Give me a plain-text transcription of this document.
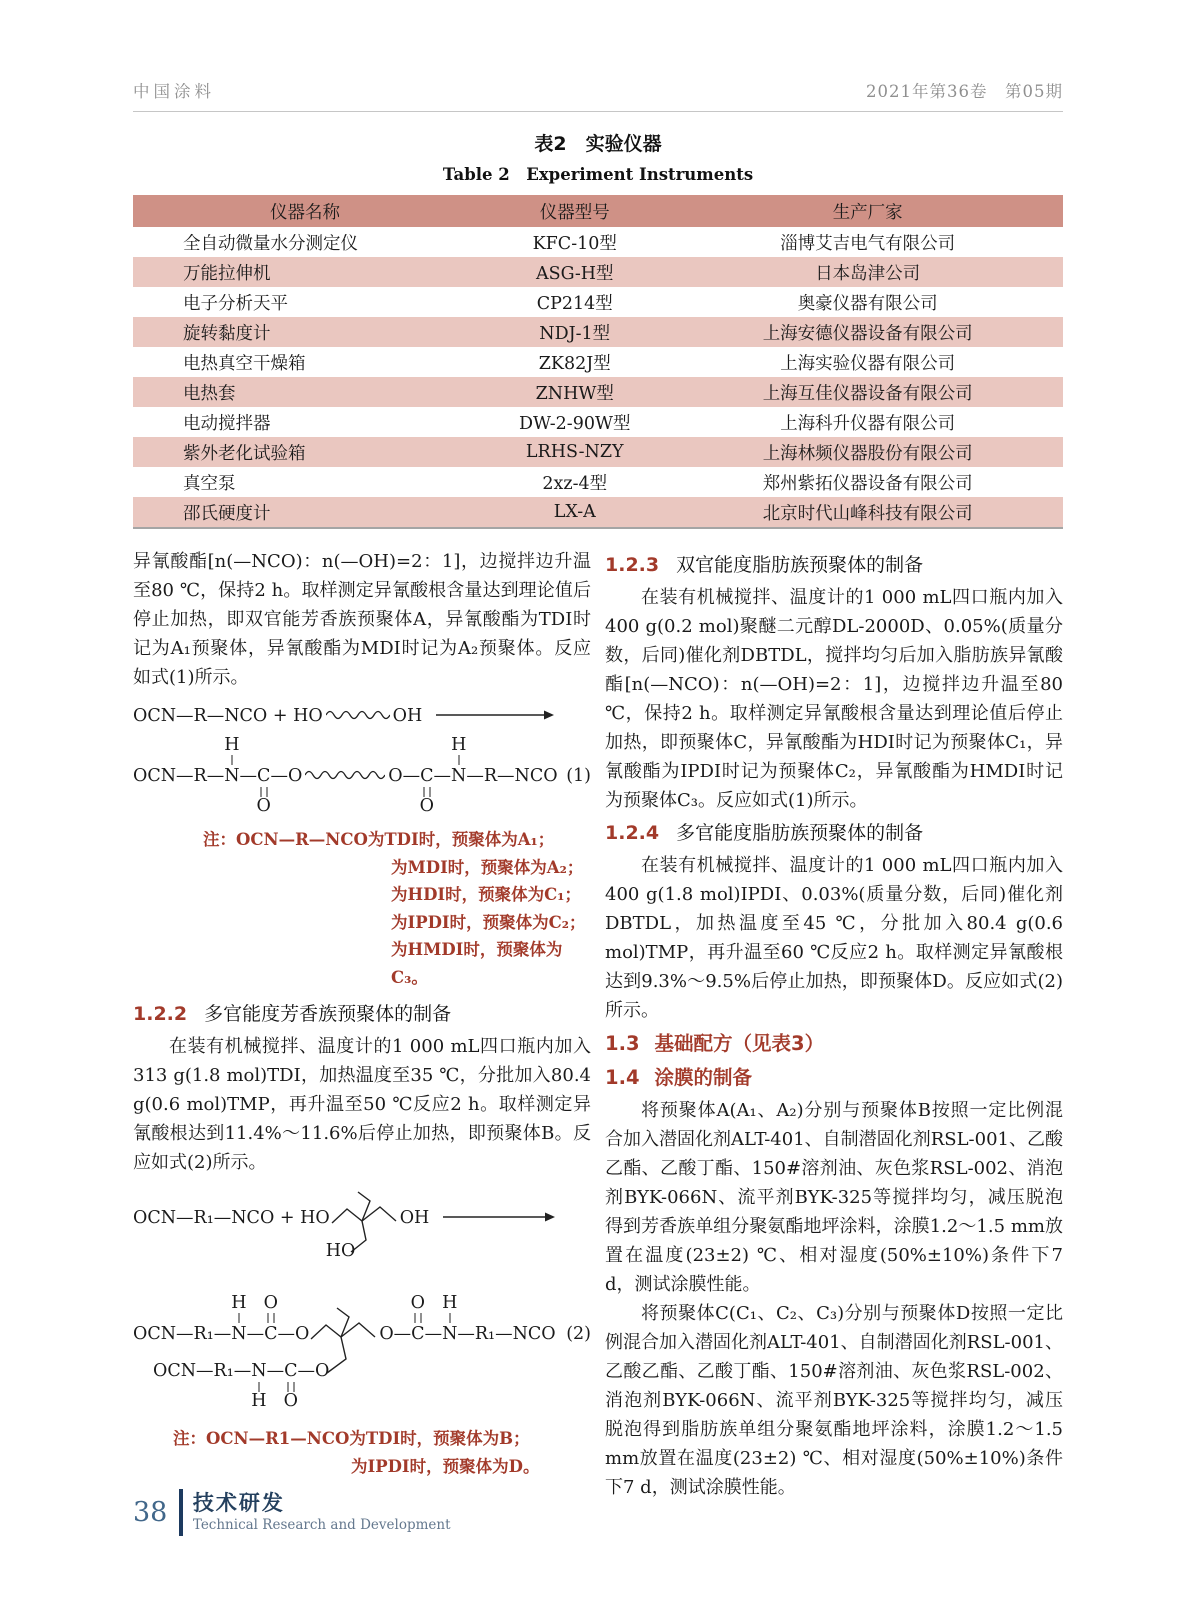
中国涂料	2021年第36卷　第05期
表2　实验仪器
Table 2　Experiment Instruments
仪器名称	仪器型号	生产厂家
全自动微量水分测定仪	KFC-10型	淄博艾吉电气有限公司
万能拉伸机	ASG-H型	日本岛津公司
电子分析天平	CP214型	奥豪仪器有限公司
旋转黏度计	NDJ-1型	上海安德仪器设备有限公司
电热真空干燥箱	ZK82J型	上海实验仪器有限公司
电热套	ZNHW型	上海互佳仪器设备有限公司
电动搅拌器	DW-2-90W型	上海科升仪器有限公司
紫外老化试验箱	LRHS-NZY	上海林频仪器股份有限公司
真空泵	2xz-4型	郑州紫拓仪器设备有限公司
邵氏硬度计	LX-A	北京时代山峰科技有限公司

异氰酸酯[n(—NCO)：n(—OH)=2：1]，边搅拌边升温至80 ℃，保持2 h。取样测定异氰酸根含量达到理论值后停止加热，即双官能芳香族预聚体A，异氰酸酯为TDI时记为A₁预聚体，异氰酸酯为MDI时记为A₂预聚体。反应如式(1)所示。

OCN—R—NCO + HO	OH
OCN—R—
H
N —
O
C —O	O—
O
C —
H
N —R—NCO (1)
注：OCN—R—NCO为TDI时，预聚体为A₁；
为MDI时，预聚体为A₂；
为HDI时，预聚体为C₁；
为IPDI时，预聚体为C₂；
为HMDI时，预聚体为C₃。
1.2.2 多官能度芳香族预聚体的制备

在装有机械搅拌、温度计的1 000 mL四口瓶内加入313 g(1.8 mol)TDI，加热温度至35 ℃，分批加入80.4 g(0.6 mol)TMP，再升温至50 ℃反应2 h。取样测定异氰酸根达到11.4%～11.6%后停止加热，即预聚体B。反应如式(2)所示。

OCN—R₁—NCO + HO
HO
OH
OCN—R₁—
H
N —
O
C —O	O—
O
C —
H
N —R₁—NCO (2)
OCN—R₁—
H
N —
O
C —O
注：OCN—R1—NCO为TDI时，预聚体为B；
为IPDI时，预聚体为D。
1.2.3 双官能度脂肪族预聚体的制备

在装有机械搅拌、温度计的1 000 mL四口瓶内加入400 g(0.2 mol)聚醚二元醇DL-2000D、0.05%(质量分数，后同)催化剂DBTDL，搅拌均匀后加入脂肪族异氰酸酯[n(—NCO)：n(—OH)=2：1]，边搅拌边升温至80 ℃，保持2 h。取样测定异氰酸根含量达到理论值后停止加热，即预聚体C，异氰酸酯为HDI时记为预聚体C₁，异氰酸酯为IPDI时记为预聚体C₂，异氰酸酯为HMDI时记为预聚体C₃。反应如式(1)所示。

1.2.4 多官能度脂肪族预聚体的制备

在装有机械搅拌、温度计的1 000 mL四口瓶内加入400 g(1.8 mol)IPDI、0.03%(质量分数，后同)催化剂DBTDL，加热温度至45 ℃，分批加入80.4 g(0.6 mol)TMP，再升温至60 ℃反应2 h。取样测定异氰酸根达到9.3%～9.5%后停止加热，即预聚体D。反应如式(2)所示。

1.3 基础配方（见表3）
1.4 涂膜的制备

将预聚体A(A₁、A₂)分别与预聚体B按照一定比例混合加入潜固化剂ALT-401、自制潜固化剂RSL-001、乙酸乙酯、乙酸丁酯、150#溶剂油、灰色浆RSL-002、消泡剂BYK-066N、流平剂BYK-325等搅拌均匀，减压脱泡得到芳香族单组分聚氨酯地坪涂料，涂膜1.2～1.5 mm放置在温度(23±2) ℃、相对湿度(50%±10%)条件下7 d，测试涂膜性能。

将预聚体C(C₁、C₂、C₃)分别与预聚体D按照一定比例混合加入潜固化剂ALT-401、自制潜固化剂RSL-001、乙酸乙酯、乙酸丁酯、150#溶剂油、灰色浆RSL-002、消泡剂BYK-066N、流平剂BYK-325等搅拌均匀，减压脱泡得到脂肪族单组分聚氨酯地坪涂料，涂膜1.2～1.5 mm放置在温度(23±2) ℃、相对湿度(50%±10%)条件下7 d，测试涂膜性能。

38 技术研发
Technical Research and Development
